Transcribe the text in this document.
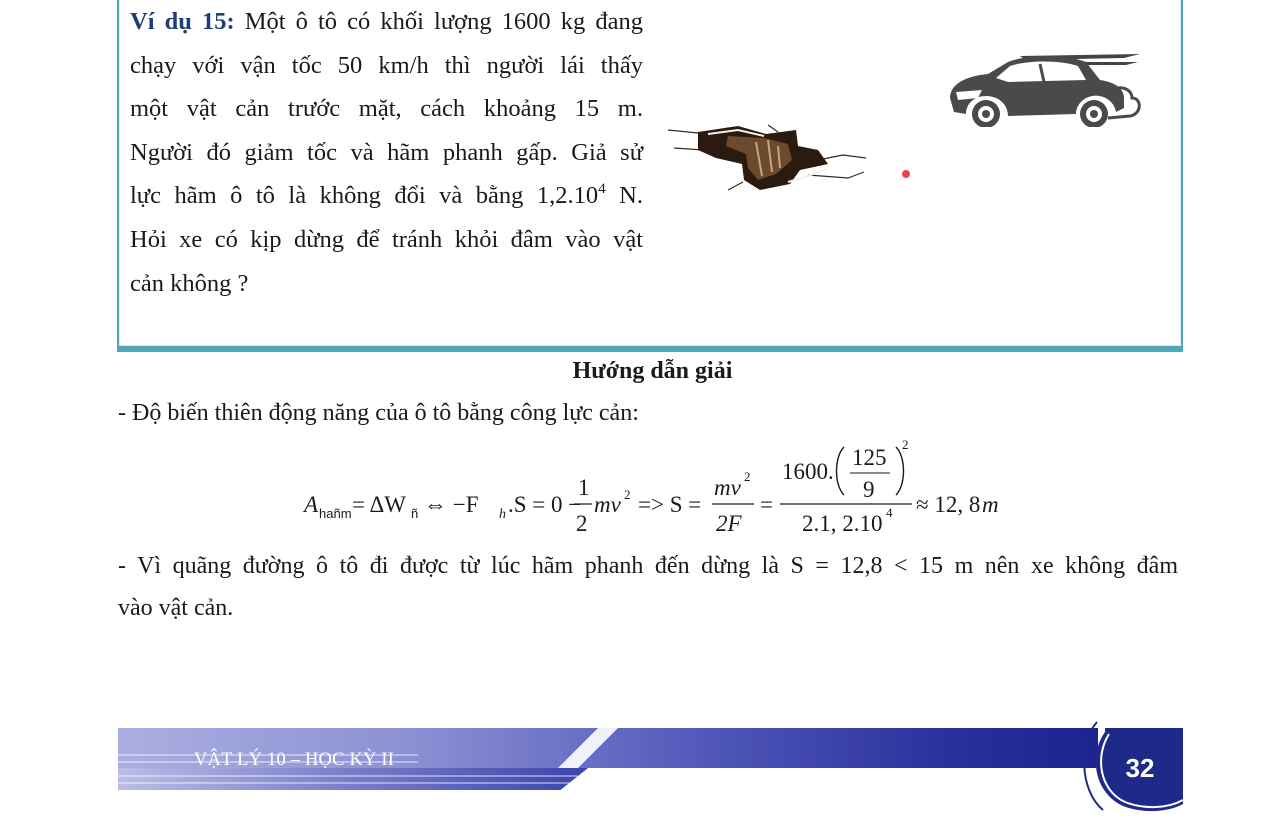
Ví dụ 15: Một ô tô có khối lượng 1600 kg đang
chạy với vận tốc 50 km/h thì người lái thấy
một vật cản trước mặt, cách khoảng 15 m.
Người đó giảm tốc và hãm phanh gấp. Giả sử
lực hãm ô tô là không đổi và bằng 1,2.10$^4$ N.
Hỏi xe có kịp dừng để tránh khỏi đâm vào vật
cản không ?
Hướng dẫn giải
- Độ biến thiên động năng của ô tô bằng công lực cản:
A hañm = ΔW ñ ⇔ −F h .S = 0 −
1
2
mv 2 => S =
mv 2
2F
=
1600.
125
9
2
2.1, 2.10 4 ≈ 12, 8 m
- Vì quãng đường ô tô đi được từ lúc hãm phanh đến dừng là S = 12,8 < 15 m nên xe không đâm
vào vật cản.
VẬT LÝ 10 – HỌC KỲ II	32
